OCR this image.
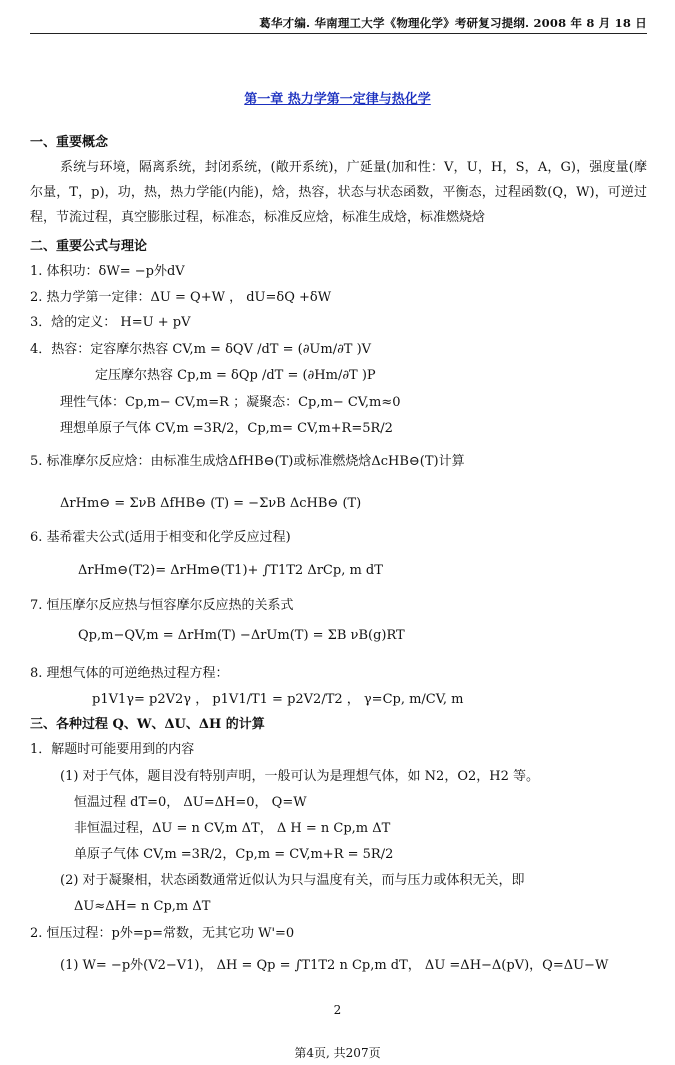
葛华才编. 华南理工大学《物理化学》考研复习提纲. 2008 年 8 月 18 日
第一章 热力学第一定律与热化学
一、重要概念
系统与环境，隔离系统，封闭系统，(敞开系统)，广延量(加和性：V，U，H，S，A，G)，强度量(摩尔量，T，p)，功，热，热力学能(内能)，焓，热容，状态与状态函数，平衡态，过程函数(Q，W)，可逆过程，节流过程，真空膨胀过程，标准态，标准反应焓，标准生成焓，标准燃烧焓
二、重要公式与理论
1. 体积功：δW= −p外dV
2. 热力学第一定律：ΔU = Q+W ， dU=δQ +δW
3．焓的定义： H=U + pV
4．热容：定容摩尔热容 CV,m = δQV /dT = (∂Um/∂T )V
定压摩尔热容 Cp,m = δQp /dT = (∂Hm/∂T )P
理性气体：Cp,m− CV,m=R ；凝聚态：Cp,m− CV,m≈0
理想单原子气体 CV,m =3R/2，Cp,m= CV,m+R=5R/2
5. 标准摩尔反应焓：由标准生成焓ΔfHB⊖(T)或标准燃烧焓ΔcHB⊖(T)计算
ΔrHm⊖ = ΣνB ΔfHB⊖ (T) = −ΣνB ΔcHB⊖ (T)
6. 基希霍夫公式(适用于相变和化学反应过程)
ΔrHm⊖(T2)= ΔrHm⊖(T1)+ ∫T1T2 ΔrCp, m dT
7. 恒压摩尔反应热与恒容摩尔反应热的关系式
Qp,m−QV,m = ΔrHm(T) −ΔrUm(T) = ΣB νB(g)RT
8. 理想气体的可逆绝热过程方程：
p1V1γ= p2V2γ ， p1V1/T1 = p2V2/T2 ， γ=Cp, m/CV, m
三、各种过程 Q、W、ΔU、ΔH 的计算
1．解题时可能要用到的内容
(1) 对于气体，题目没有特别声明，一般可认为是理想气体，如 N2，O2，H2 等。
恒温过程 dT=0， ΔU=ΔH=0， Q=W
非恒温过程，ΔU = n CV,m ΔT， Δ H = n Cp,m ΔT
单原子气体 CV,m =3R/2，Cp,m = CV,m+R = 5R/2
(2) 对于凝聚相，状态函数通常近似认为只与温度有关，而与压力或体积无关，即
ΔU≈ΔH= n Cp,m ΔT
2. 恒压过程：p外=p=常数，无其它功 W'=0
(1) W= −p外(V2−V1)， ΔH = Qp = ∫T1T2 n Cp,m dT， ΔU =ΔH−Δ(pV)，Q=ΔU−W
2
第4页, 共207页
